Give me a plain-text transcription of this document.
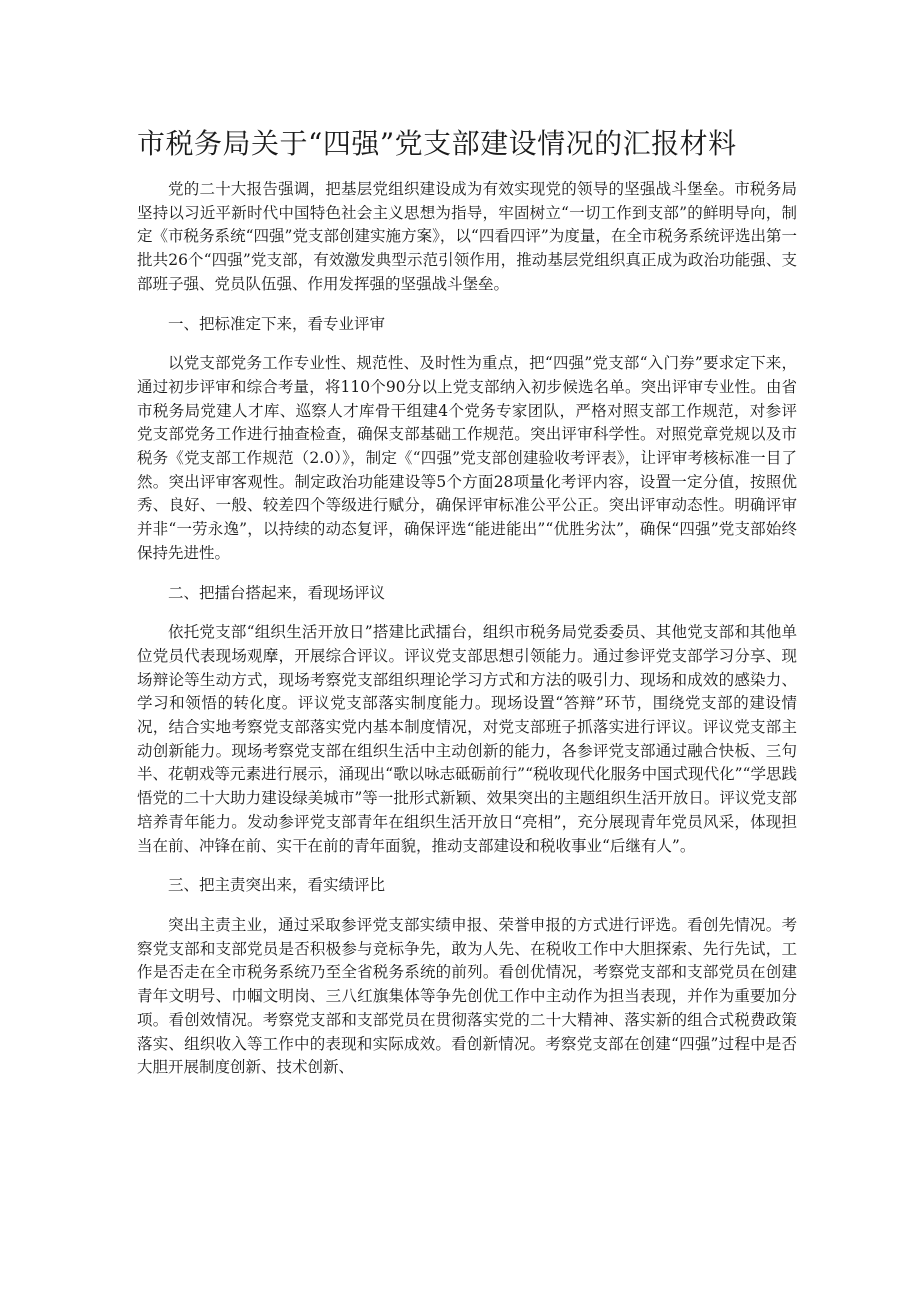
市税务局关于“四强”党支部建设情况的汇报材料

党的二十大报告强调，把基层党组织建设成为有效实现党的领导的坚强战斗堡垒。市税务局坚持以习近平新时代中国特色社会主义思想为指导，牢固树立“一切工作到支部”的鲜明导向，制定《市税务系统“四强”党支部创建实施方案》，以“四看四评”为度量，在全市税务系统评选出第一批共26个“四强”党支部，有效激发典型示范引领作用，推动基层党组织真正成为政治功能强、支部班子强、党员队伍强、作用发挥强的坚强战斗堡垒。

一、把标准定下来，看专业评审

以党支部党务工作专业性、规范性、及时性为重点，把“四强”党支部“入门券”要求定下来，通过初步评审和综合考量，将110个90分以上党支部纳入初步候选名单。突出评审专业性。由省市税务局党建人才库、巡察人才库骨干组建4个党务专家团队，严格对照支部工作规范，对参评党支部党务工作进行抽查检查，确保支部基础工作规范。突出评审科学性。对照党章党规以及市税务《党支部工作规范（2.0）》，制定《“四强”党支部创建验收考评表》，让评审考核标准一目了然。突出评审客观性。制定政治功能建设等5个方面28项量化考评内容，设置一定分值，按照优秀、良好、一般、较差四个等级进行赋分，确保评审标准公平公正。突出评审动态性。明确评审并非“一劳永逸”，以持续的动态复评，确保评选“能进能出”“优胜劣汰”，确保“四强”党支部始终保持先进性。

二、把擂台搭起来，看现场评议

依托党支部“组织生活开放日”搭建比武擂台，组织市税务局党委委员、其他党支部和其他单位党员代表现场观摩，开展综合评议。评议党支部思想引领能力。通过参评党支部学习分享、现场辩论等生动方式，现场考察党支部组织理论学习方式和方法的吸引力、现场和成效的感染力、学习和领悟的转化度。评议党支部落实制度能力。现场设置“答辩”环节，围绕党支部的建设情况，结合实地考察党支部落实党内基本制度情况，对党支部班子抓落实进行评议。评议党支部主动创新能力。现场考察党支部在组织生活中主动创新的能力，各参评党支部通过融合快板、三句半、花朝戏等元素进行展示，涌现出“歌以咏志砥砺前行”“税收现代化服务中国式现代化”“学思践悟党的二十大助力建设绿美城市”等一批形式新颖、效果突出的主题组织生活开放日。评议党支部培养青年能力。发动参评党支部青年在组织生活开放日“亮相”，充分展现青年党员风采，体现担当在前、冲锋在前、实干在前的青年面貌，推动支部建设和税收事业“后继有人”。

三、把主责突出来，看实绩评比

突出主责主业，通过采取参评党支部实绩申报、荣誉申报的方式进行评选。看创先情况。考察党支部和支部党员是否积极参与竞标争先，敢为人先、在税收工作中大胆探索、先行先试，工作是否走在全市税务系统乃至全省税务系统的前列。看创优情况，考察党支部和支部党员在创建青年文明号、巾帼文明岗、三八红旗集体等争先创优工作中主动作为担当表现，并作为重要加分项。看创效情况。考察党支部和支部党员在贯彻落实党的二十大精神、落实新的组合式税费政策落实、组织收入等工作中的表现和实际成效。看创新情况。考察党支部在创建“四强”过程中是否大胆开展制度创新、技术创新、
